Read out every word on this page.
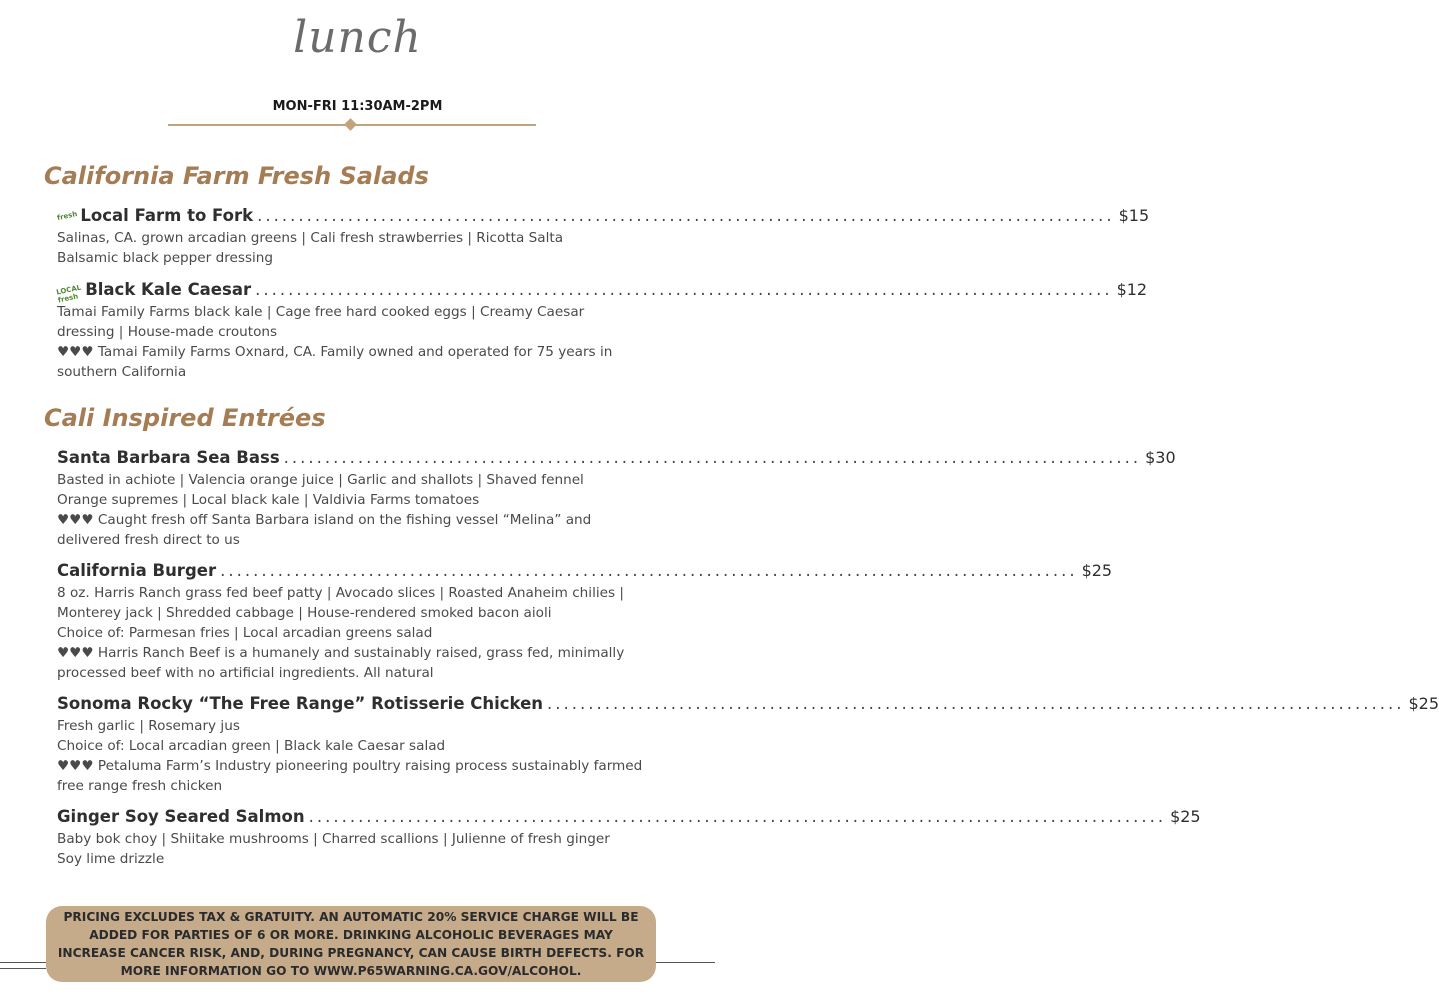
lunch
MON-FRI 11:30AM-2PM
California Farm Fresh Salads
fresh Local Farm to Fork ........................................................................................................ $15
Salinas, CA. grown arcadian greens | Cali fresh strawberries | Ricotta Salta
Balsamic black pepper dressing
LOCAL fresh Black Kale Caesar ........................................................................................................ $12
Tamai Family Farms black kale | Cage free hard cooked eggs | Creamy Caesar
dressing | House-made croutons
♥♥♥ Tamai Family Farms Oxnard, CA. Family owned and operated for 75 years in
southern California
Cali Inspired Entrées
Santa Barbara Sea Bass ........................................................................................................ $30
Basted in achiote | Valencia orange juice | Garlic and shallots | Shaved fennel
Orange supremes | Local black kale | Valdivia Farms tomatoes
♥♥♥ Caught fresh off Santa Barbara island on the fishing vessel “Melina” and
delivered fresh direct to us
California Burger ........................................................................................................ $25
8 oz. Harris Ranch grass fed beef patty | Avocado slices | Roasted Anaheim chilies |
Monterey jack | Shredded cabbage | House-rendered smoked bacon aioli
Choice of: Parmesan fries | Local arcadian greens salad
♥♥♥ Harris Ranch Beef is a humanely and sustainably raised, grass fed, minimally
processed beef with no artificial ingredients. All natural
Sonoma Rocky “The Free Range” Rotisserie Chicken ........................................................................................................ $25
Fresh garlic | Rosemary jus
Choice of: Local arcadian green | Black kale Caesar salad
♥♥♥ Petaluma Farm’s Industry pioneering poultry raising process sustainably farmed
free range fresh chicken
Ginger Soy Seared Salmon ........................................................................................................ $25
Baby bok choy | Shiitake mushrooms | Charred scallions | Julienne of fresh ginger
Soy lime drizzle
PRICING EXCLUDES TAX & GRATUITY. AN AUTOMATIC 20% SERVICE CHARGE WILL BE ADDED FOR PARTIES OF 6 OR MORE. DRINKING ALCOHOLIC BEVERAGES MAY INCREASE CANCER RISK, AND, DURING PREGNANCY, CAN CAUSE BIRTH DEFECTS. FOR MORE INFORMATION GO TO WWW.P65WARNING.CA.GOV/ALCOHOL.
